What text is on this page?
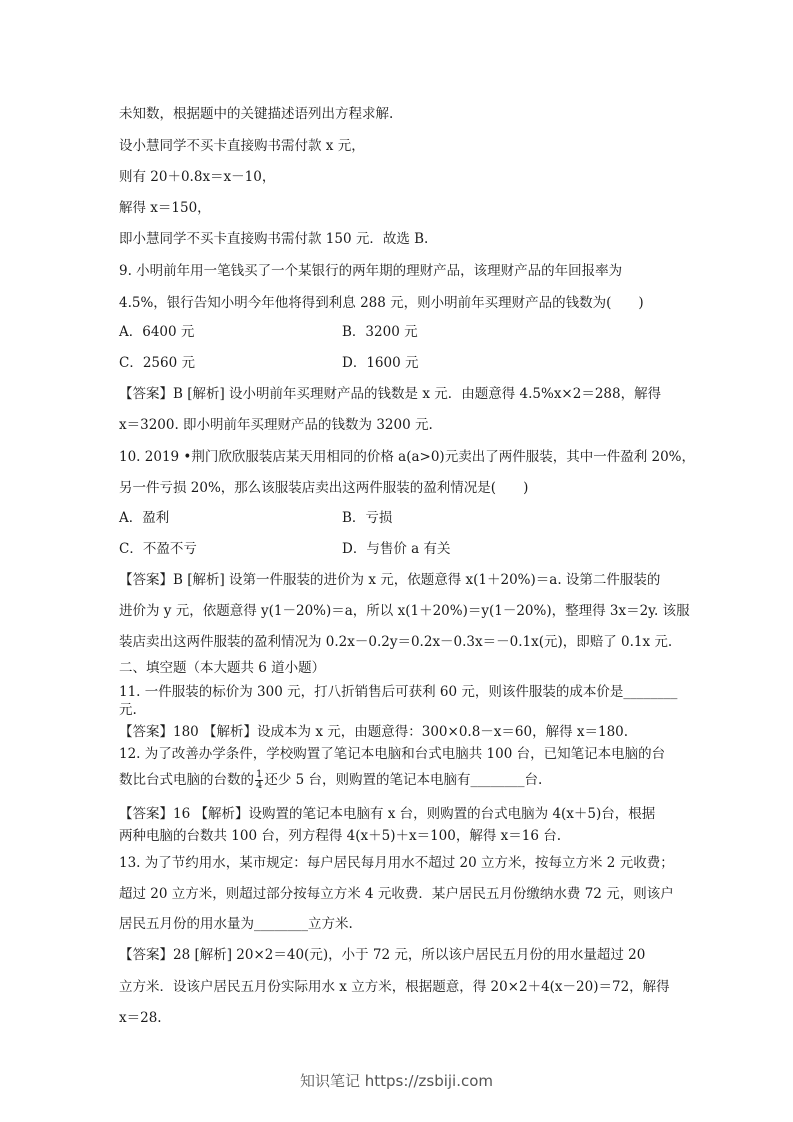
未知数，根据题中的关键描述语列出方程求解.
设小慧同学不买卡直接购书需付款 x 元，
则有 20＋0.8x＝x－10，
解得 x＝150，
即小慧同学不买卡直接购书需付款 150 元．故选 B.
9. 小明前年用一笔钱买了一个某银行的两年期的理财产品，该理财产品的年回报率为
4.5%，银行告知小明今年他将得到利息 288 元，则小明前年买理财产品的钱数为(　　)
A．6400 元	B．3200 元
C．2560 元	D．1600 元
【答案】B [解析] 设小明前年买理财产品的钱数是 x 元．由题意得 4.5%x×2＝288，解得
x＝3200. 即小明前年买理财产品的钱数为 3200 元.
10. 2019 •荆门欣欣服装店某天用相同的价格 a(a>0)元卖出了两件服装，其中一件盈利 20%，
另一件亏损 20%，那么该服装店卖出这两件服装的盈利情况是(　　)
A．盈利	B．亏损
C．不盈不亏	D．与售价 a 有关
【答案】B [解析] 设第一件服装的进价为 x 元，依题意得 x(1＋20%)＝a. 设第二件服装的
进价为 y 元，依题意得 y(1－20%)＝a，所以 x(1＋20%)＝y(1－20%)，整理得 3x＝2y. 该服
装店卖出这两件服装的盈利情况为 0.2x－0.2y＝0.2x－0.3x＝－0.1x(元)，即赔了 0.1x 元.
二、填空题（本大题共 6 道小题）
11. 一件服装的标价为 300 元，打八折销售后可获利 60 元，则该件服装的成本价是________
元.
【答案】180 【解析】设成本为 x 元，由题意得：300×0.8－x＝60，解得 x＝180.
12. 为了改善办学条件，学校购置了笔记本电脑和台式电脑共 100 台，已知笔记本电脑的台
数比台式电脑的台数的 $\frac{1}{4}$ 还少 5 台，则购置的笔记本电脑有________台.
【答案】16 【解析】设购置的笔记本电脑有 x 台，则购置的台式电脑为 4(x＋5)台，根据
两种电脑的台数共 100 台，列方程得 4(x＋5)＋x＝100，解得 x＝16 台.
13. 为了节约用水，某市规定：每户居民每月用水不超过 20 立方米，按每立方米 2 元收费；
超过 20 立方米，则超过部分按每立方米 4 元收费．某户居民五月份缴纳水费 72 元，则该户
居民五月份的用水量为________立方米.
【答案】28 [解析] 20×2＝40(元)，小于 72 元，所以该户居民五月份的用水量超过 20
立方米．设该户居民五月份实际用水 x 立方米，根据题意，得 20×2＋4(x－20)＝72，解得
x＝28.
知识笔记 https://zsbiji.com
